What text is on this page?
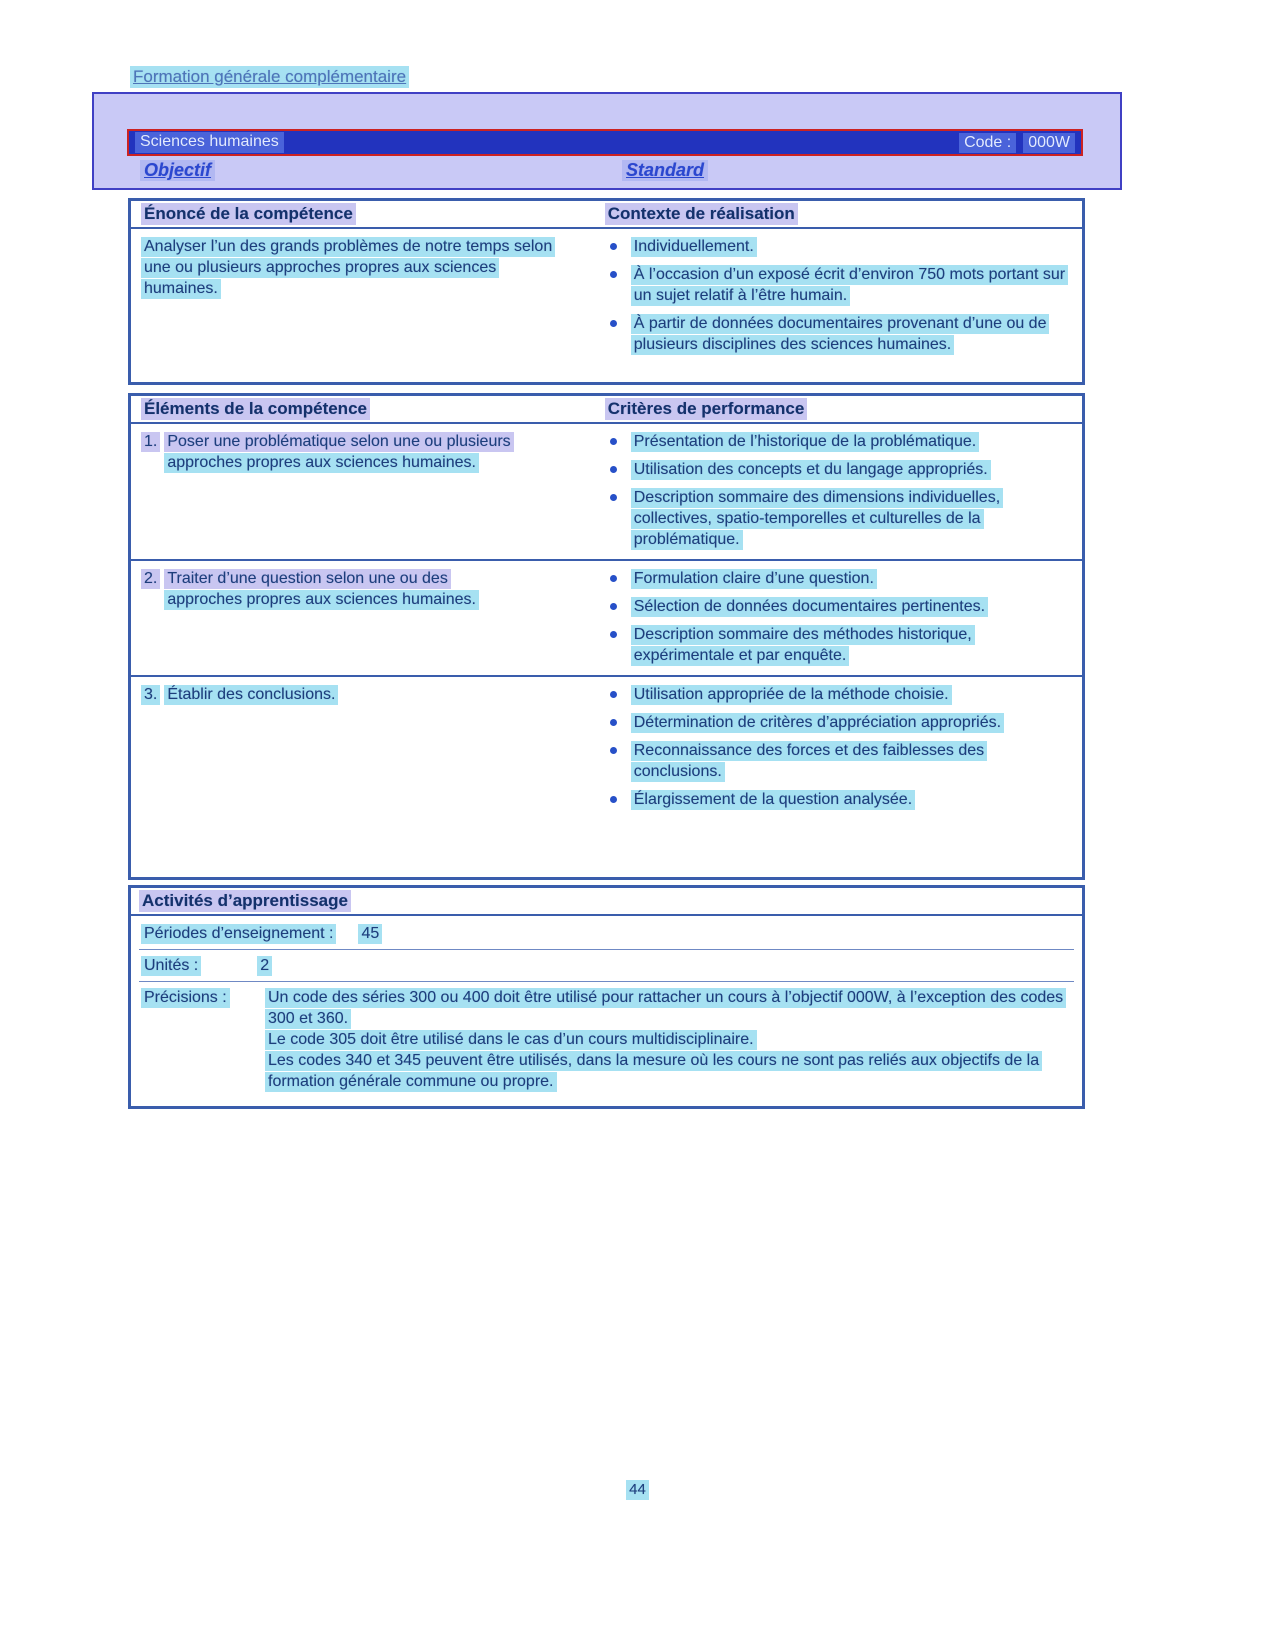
Formation générale complémentaire
Sciences humaines	Code : 000W
Objectif	Standard
Énoncé de la compétence	Contexte de réalisation
Analyser l’un des grands problèmes de notre temps selon une ou plusieurs approches propres aux sciences humaines.
Individuellement.
À l’occasion d’un exposé écrit d’environ 750 mots portant sur un sujet relatif à l’être humain.
À partir de données documentaires provenant d’une ou de plusieurs disciplines des sciences humaines.
Éléments de la compétence	Critères de performance
1. Poser une problématique selon une ou plusieurs
approches propres aux sciences humaines.
Présentation de l’historique de la problématique.
Utilisation des concepts et du langage appropriés.
Description sommaire des dimensions individuelles, collectives, spatio-temporelles et culturelles de la problématique.
2. Traiter d’une question selon une ou des
approches propres aux sciences humaines.
Formulation claire d’une question.
Sélection de données documentaires pertinentes.
Description sommaire des méthodes historique, expérimentale et par enquête.
3. Établir des conclusions.	Utilisation appropriée de la méthode choisie.
Détermination de critères d’appréciation appropriés.
Reconnaissance des forces et des faiblesses des conclusions.
Élargissement de la question analysée.
Activités d’apprentissage
Périodes d’enseignement : 45
Unités :	2
Précisions :	Un code des séries 300 ou 400 doit être utilisé pour rattacher un cours à l’objectif 000W, à l’exception des codes 300 et 360.
Le code 305 doit être utilisé dans le cas d’un cours multidisciplinaire.
Les codes 340 et 345 peuvent être utilisés, dans la mesure où les cours ne sont pas reliés aux objectifs de la formation générale commune ou propre.
44
